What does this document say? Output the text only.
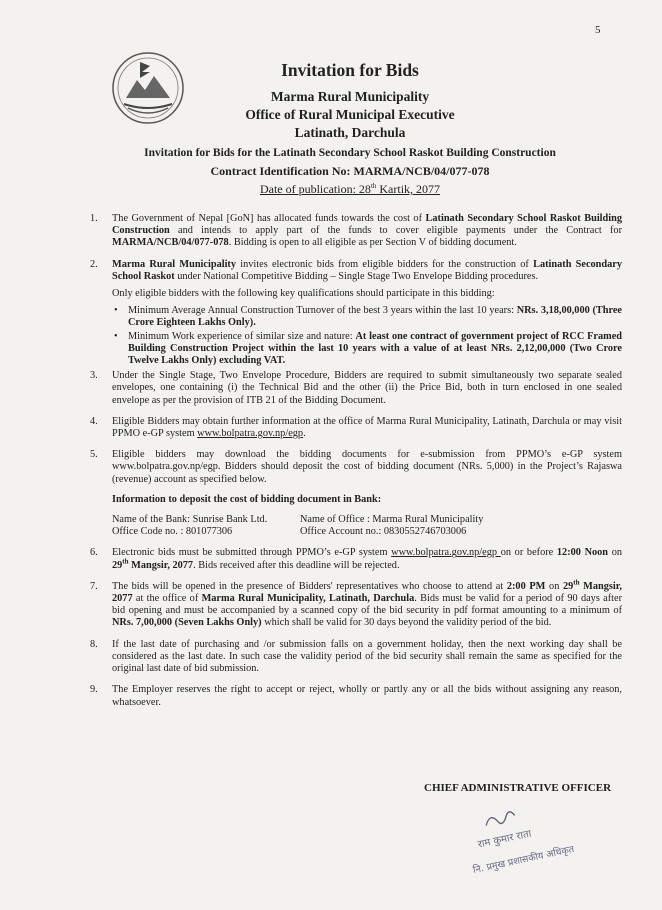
5
Invitation for Bids
Marma Rural Municipality
Office of Rural Municipal Executive
Latinath, Darchula
Invitation for Bids for the Latinath Secondary School Raskot Building Construction
Contract Identification No: MARMA/NCB/04/077-078
Date of publication: 28th Kartik, 2077
1. The Government of Nepal [GoN] has allocated funds towards the cost of Latinath Secondary School Raskot Building Construction and intends to apply part of the funds to cover eligible payments under the Contract for MARMA/NCB/04/077-078. Bidding is open to all eligible as per Section V of bidding document.
2. Marma Rural Municipality invites electronic bids from eligible bidders for the construction of Latinath Secondary School Raskot under National Competitive Bidding – Single Stage Two Envelope Bidding procedures.
Only eligible bidders with the following key qualifications should participate in this bidding:
• Minimum Average Annual Construction Turnover of the best 3 years within the last 10 years: NRs. 3,18,00,000 (Three Crore Eighteen Lakhs Only).
• Minimum Work experience of similar size and nature: At least one contract of government project of RCC Framed Building Construction Project within the last 10 years with a value of at least NRs. 2,12,00,000 (Two Crore Twelve Lakhs Only) excluding VAT.
3. Under the Single Stage, Two Envelope Procedure, Bidders are required to submit simultaneously two separate sealed envelopes, one containing (i) the Technical Bid and the other (ii) the Price Bid, both in turn enclosed in one sealed envelope as per the provision of ITB 21 of the Bidding Document.
4. Eligible Bidders may obtain further information at the office of Marma Rural Municipality, Latinath, Darchula or may visit PPMO e-GP system www.bolpatra.gov.np/egp.
5. Eligible bidders may download the bidding documents for e-submission from PPMO’s e-GP system www.bolpatra.gov.np/egp. Bidders should deposit the cost of bidding document (NRs. 5,000) in the Project’s Rajaswa (revenue) account as specified below.
Information to deposit the cost of bidding document in Bank:
Name of the Bank: Sunrise Bank Ltd.	Name of Office : Marma Rural Municipality
Office Code no. : 801077306	Office Account no.: 0830552746703006
6. Electronic bids must be submitted through PPMO’s e-GP system www.bolpatra.gov.np/egp on or before 12:00 Noon on 29th Mangsir, 2077. Bids received after this deadline will be rejected.
7. The bids will be opened in the presence of Bidders' representatives who choose to attend at 2:00 PM on 29th Mangsir, 2077 at the office of Marma Rural Municipality, Latinath, Darchula. Bids must be valid for a period of 90 days after bid opening and must be accompanied by a scanned copy of the bid security in pdf format amounting to a minimum of NRs. 7,00,000 (Seven Lakhs Only) which shall be valid for 30 days beyond the validity period of the bid.
8. If the last date of purchasing and /or submission falls on a government holiday, then the next working day shall be considered as the last date. In such case the validity period of the bid security shall remain the same as specified for the original last date of bid submission.
9. The Employer reserves the right to accept or reject, wholly or partly any or all the bids without assigning any reason, whatsoever.
CHIEF ADMINISTRATIVE OFFICER
राम कुमार राता
नि. प्रमुख प्रशासकीय अधिकृत
